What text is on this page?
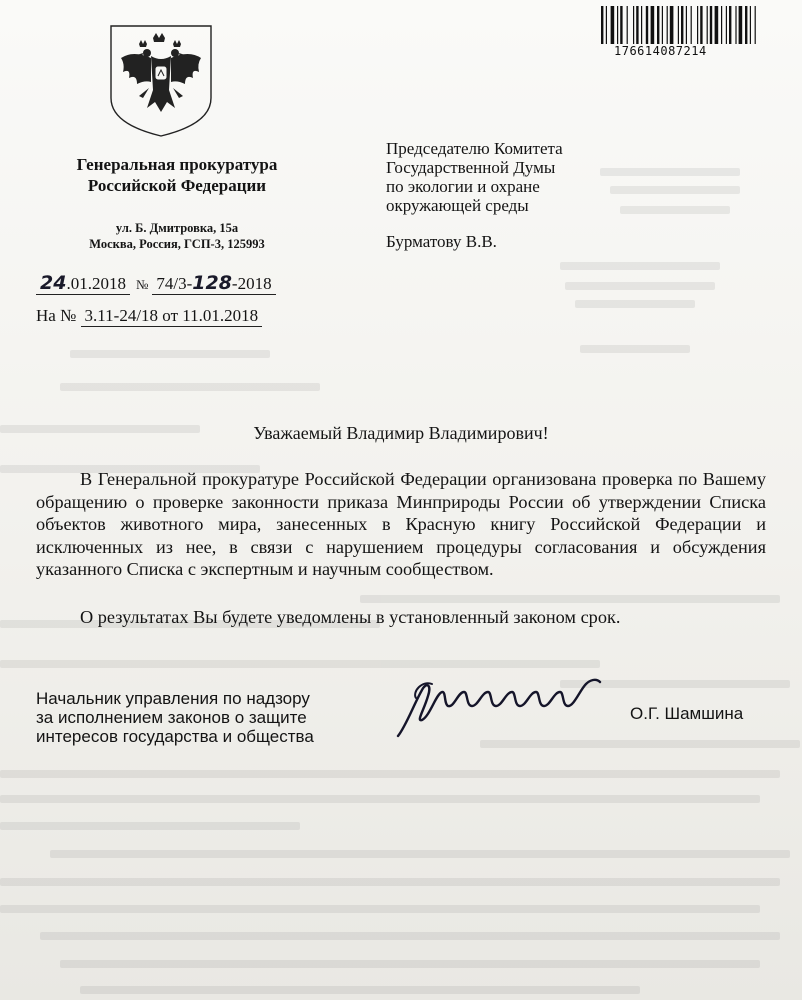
176614087214
Генеральная прокуратура
Российской Федерации
ул. Б. Дмитровка, 15а
Москва, Россия, ГСП-3, 125993
24.01.2018 № 74/3-128-2018
На № 3.11-24/18 от 11.01.2018
Председателю Комитета
Государственной Думы
по экологии и охране
окружающей среды
Бурматову В.В.
Уважаемый Владимир Владимирович!

В Генеральной прокуратуре Российской Федерации организована проверка по Вашему обращению о проверке законности приказа Минприроды России об утверждении Списка объектов животного мира, занесенных в Красную книгу Российской Федерации и исключенных из нее, в связи с нарушением процедуры согласования и обсуждения указанного Списка с экспертным и научным сообществом.

О результатах Вы будете уведомлены в установленный законом срок.

Начальник управления по надзору
за исполнением законов о защите
интересов государства и общества
О.Г. Шамшина
